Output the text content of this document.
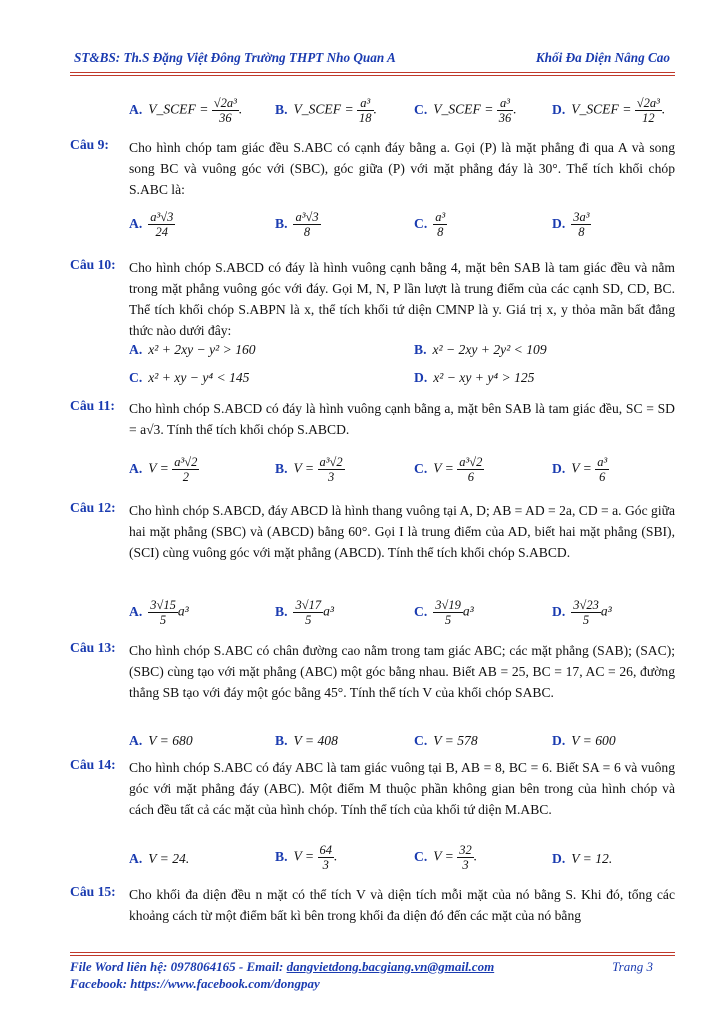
ST&BS: Th.S Đặng Việt Đông Trường THPT Nho Quan A	Khối Đa Diện Nâng Cao
A. V_SCEF = $\frac{\text{√2a³}}{36}$ . B. V_SCEF = $\frac{\text{a³}}{18}$ .	C. V_SCEF = $\frac{\text{a³}}{36}$ .	D. V_SCEF = $\frac{\text{√2a³}}{12}$ .
Câu 9: Cho hình chóp tam giác đều S.ABC có cạnh đáy bằng a. Gọi (P) là mặt phẳng đi qua A và song song BC và vuông góc với (SBC), góc giữa (P) với mặt phẳng đáy là 30°. Thể tích khối chóp S.ABC là:
A. $\frac{\text{a³√3}}{24}$	B. $\frac{\text{a³√3}}{8}$	C. $\frac{\text{a³}}{8}$	D. $\frac{\text{3a³}}{8}$
Câu 10: Cho hình chóp S.ABCD có đáy là hình vuông cạnh bằng 4, mặt bên SAB là tam giác đều và nằm trong mặt phẳng vuông góc với đáy. Gọi M, N, P lần lượt là trung điểm của các cạnh SD, CD, BC. Thể tích khối chóp S.ABPN là x, thể tích khối tứ diện CMNP là y. Giá trị x, y thỏa mãn bất đẳng thức nào dưới đây:
A. x² + 2xy − y² > 160	B. x² − 2xy + 2y² < 109
C. x² + xy − y⁴ < 145	D. x² − xy + y⁴ > 125
Câu 11: Cho hình chóp S.ABCD có đáy là hình vuông cạnh bằng a, mặt bên SAB là tam giác đều, SC = SD = a√3. Tính thể tích khối chóp S.ABCD.
A. $V = \frac{\text{a³√2}}{2}$	B. $V = \frac{\text{a³√2}}{3}$	C. $V = \frac{\text{a³√2}}{6}$	D. $V = \frac{\text{a³}}{6}$
Câu 12: Cho hình chóp S.ABCD, đáy ABCD là hình thang vuông tại A, D; AB = AD = 2a, CD = a. Góc giữa hai mặt phẳng (SBC) và (ABCD) bằng 60°. Gọi I là trung điểm của AD, biết hai mặt phẳng (SBI), (SCI) cùng vuông góc với mặt phẳng (ABCD). Tính thể tích khối chóp S.ABCD.
A. $\frac{3√15}{5} a^3$	B. $\frac{3√17}{5} a^3$	C. $\frac{3√19}{5} a^3$	D. $\frac{3√23}{5} a^3$
Câu 13: Cho hình chóp S.ABC có chân đường cao nằm trong tam giác ABC; các mặt phẳng (SAB); (SAC); (SBC) cùng tạo với mặt phẳng (ABC) một góc bằng nhau. Biết AB = 25, BC = 17, AC = 26, đường thẳng SB tạo với đáy một góc bằng 45°. Tính thể tích V của khối chóp SABC.
A. V = 680	B. V = 408	C. V = 578	D. V = 600
Câu 14: Cho hình chóp S.ABC có đáy ABC là tam giác vuông tại B, AB = 8, BC = 6. Biết SA = 6 và vuông góc với mặt phẳng đáy (ABC). Một điểm M thuộc phần không gian bên trong của hình chóp và cách đều tất cả các mặt của hình chóp. Tính thể tích của khối tứ diện M.ABC.
A. V = 24.	B. $V = \frac{64}{3}$ .	C. $V = \frac{32}{3}$ .	D. V = 12.
Câu 15: Cho khối đa diện đều n mặt có thể tích V và diện tích mỗi mặt của nó bằng S. Khi đó, tổng các khoảng cách từ một điểm bất kì bên trong khối đa diện đó đến các mặt của nó bằng
File Word liên hệ: 0978064165 - Email: dangvietdong.bacgiang.vn@gmail.com	Trang 3
Facebook: https://www.facebook.com/dongpay
